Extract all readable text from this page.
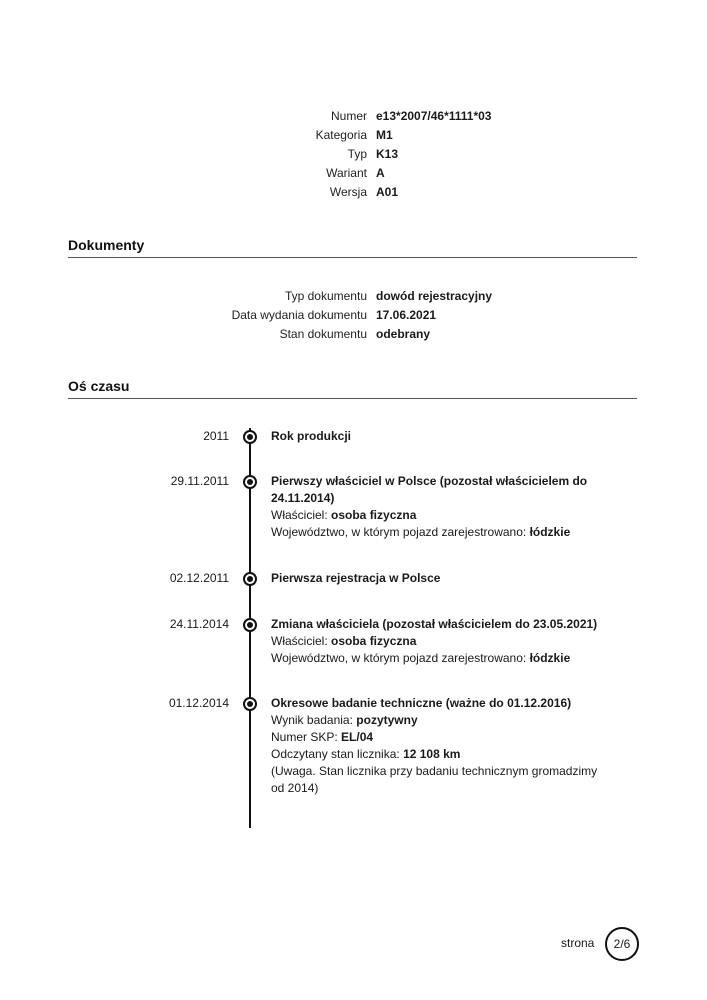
Numer e13*2007/46*1111*03
Kategoria M1
Typ K13
Wariant A
Wersja A01
Dokumenty
Typ dokumentu dowód rejestracyjny
Data wydania dokumentu 17.06.2021
Stan dokumentu odebrany
Oś czasu
2011	Rok produkcji
29.11.2011	Pierwszy właściciel w Polsce (pozostał właścicielem do 24.11.2014)
Właściciel: osoba fizyczna
Województwo, w którym pojazd zarejestrowano: łódzkie
02.12.2011	Pierwsza rejestracja w Polsce
24.11.2014	Zmiana właściciela (pozostał właścicielem do 23.05.2021)
Właściciel: osoba fizyczna
Województwo, w którym pojazd zarejestrowano: łódzkie
01.12.2014	Okresowe badanie techniczne (ważne do 01.12.2016)
Wynik badania: pozytywny
Numer SKP: EL/04
Odczytany stan licznika: 12 108 km
(Uwaga. Stan licznika przy badaniu technicznym gromadzimy od 2014)
strona	2/6
